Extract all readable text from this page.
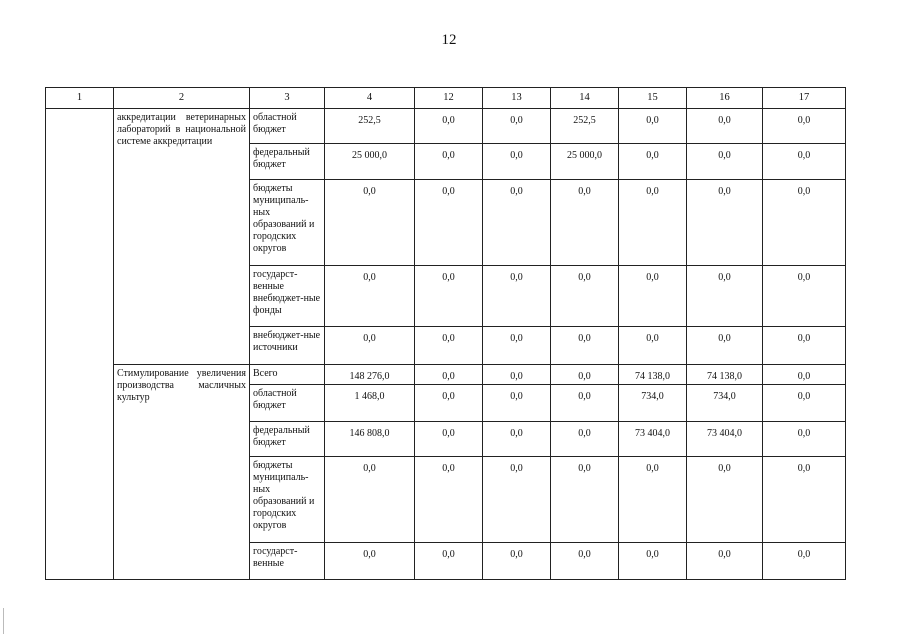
12
1	2	3	4	12	13	14	15	16	17
	аккредитации ветеринарных лабораторий в национальной системе аккредитации	областной бюджет	252,5	0,0	0,0	252,5	0,0	0,0	0,0
		федеральный бюджет	25 000,0	0,0	0,0	25 000,0	0,0	0,0	0,0
		бюджеты муниципаль-ных образований и городских округов	0,0	0,0	0,0	0,0	0,0	0,0	0,0
		государст-венные внебюджет-ные фонды	0,0	0,0	0,0	0,0	0,0	0,0	0,0
		внебюджет-ные источники	0,0	0,0	0,0	0,0	0,0	0,0	0,0
	Стимулирование увеличения производства масличных культур	Всего	148 276,0	0,0	0,0	0,0	74 138,0	74 138,0	0,0
		областной бюджет	1 468,0	0,0	0,0	0,0	734,0	734,0	0,0
		федеральный бюджет	146 808,0	0,0	0,0	0,0	73 404,0	73 404,0	0,0
		бюджеты муниципаль-ных образований и городских округов	0,0	0,0	0,0	0,0	0,0	0,0	0,0
		государст-венные	0,0	0,0	0,0	0,0	0,0	0,0	0,0
